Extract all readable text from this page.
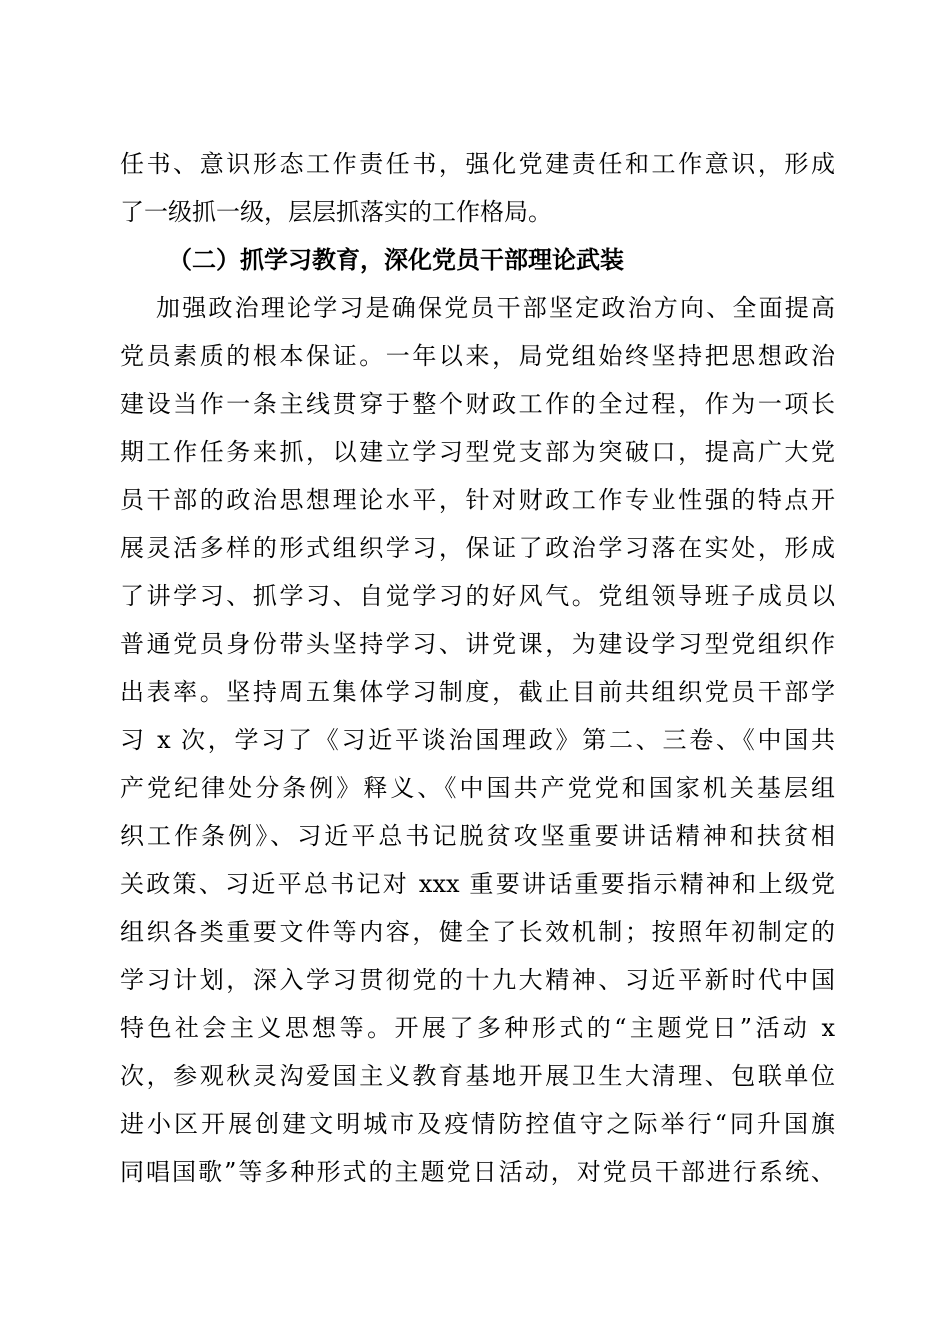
任书、意识形态工作责任书，强化党建责任和工作意识，形成
了一级抓一级，层层抓落实的工作格局。
（二）抓学习教育，深化党员干部理论武装
加强政治理论学习是确保党员干部坚定政治方向、全面提高
党员素质的根本保证。一年以来，局党组始终坚持把思想政治
建设当作一条主线贯穿于整个财政工作的全过程，作为一项长
期工作任务来抓，以建立学习型党支部为突破口，提高广大党
员干部的政治思想理论水平，针对财政工作专业性强的特点开
展灵活多样的形式组织学习，保证了政治学习落在实处，形成
了讲学习、抓学习、自觉学习的好风气。党组领导班子成员以
普通党员身份带头坚持学习、讲党课，为建设学习型党组织作
出表率。坚持周五集体学习制度，截止目前共组织党员干部学
习 x 次，学习了《习近平谈治国理政》第二、三卷、《中国共
产党纪律处分条例》释义、《中国共产党党和国家机关基层组
织工作条例》、习近平总书记脱贫攻坚重要讲话精神和扶贫相
关政策、习近平总书记对 xxx 重要讲话重要指示精神和上级党
组织各类重要文件等内容，健全了长效机制；按照年初制定的
学习计划，深入学习贯彻党的十九大精神、习近平新时代中国
特色社会主义思想等。开展了多种形式的“主题党日”活动 x
次，参观秋灵沟爱国主义教育基地开展卫生大清理、包联单位
进小区开展创建文明城市及疫情防控值守之际举行“同升国旗
同唱国歌”等多种形式的主题党日活动，对党员干部进行系统、
